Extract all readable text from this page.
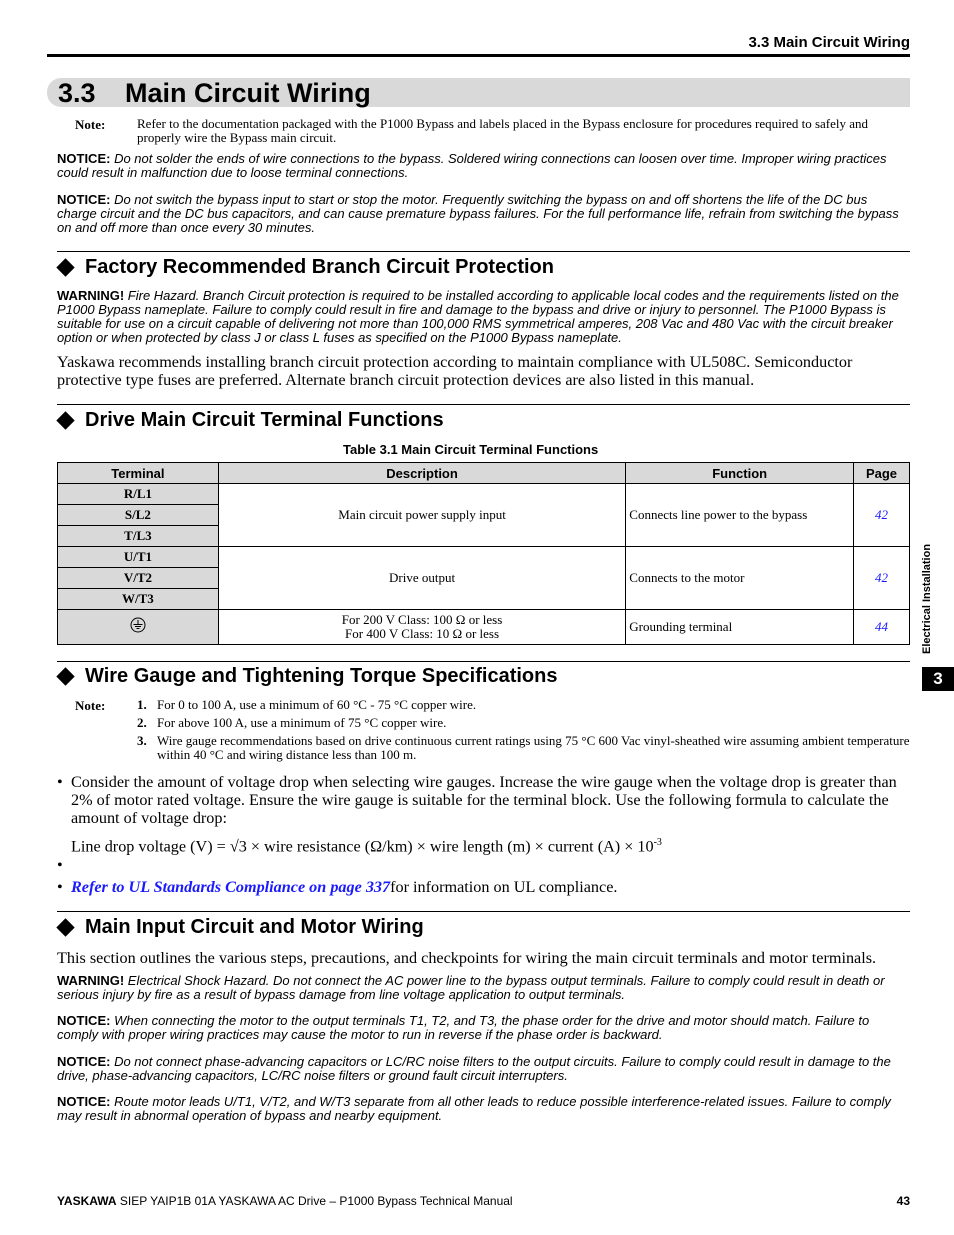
3.3 Main Circuit Wiring
3.3 Main Circuit Wiring
Note: Refer to the documentation packaged with the P1000 Bypass and labels placed in the Bypass enclosure for procedures required to safely and properly wire the Bypass main circuit.
NOTICE: Do not solder the ends of wire connections to the bypass. Soldered wiring connections can loosen over time. Improper wiring practices could result in malfunction due to loose terminal connections.
NOTICE: Do not switch the bypass input to start or stop the motor. Frequently switching the bypass on and off shortens the life of the DC bus charge circuit and the DC bus capacitors, and can cause premature bypass failures. For the full performance life, refrain from switching the bypass on and off more than once every 30 minutes.
Factory Recommended Branch Circuit Protection
WARNING! Fire Hazard. Branch Circuit protection is required to be installed according to applicable local codes and the requirements listed on the P1000 Bypass nameplate. Failure to comply could result in fire and damage to the bypass and drive or injury to personnel. The P1000 Bypass is suitable for use on a circuit capable of delivering not more than 100,000 RMS symmetrical amperes, 208 Vac and 480 Vac with the circuit breaker option or when protected by class J or class L fuses as specified on the P1000 Bypass nameplate.
Yaskawa recommends installing branch circuit protection according to maintain compliance with UL508C. Semiconductor protective type fuses are preferred. Alternate branch circuit protection devices are also listed in this manual.
Drive Main Circuit Terminal Functions
Table 3.1 Main Circuit Terminal Functions
Terminal	Description	Function	Page
R/L1	Main circuit power supply input	Connects line power to the bypass	42
S/L2			
T/L3			
U/T1	Drive output	Connects to the motor	42
V/T2			
W/T3			

For 200 V Class: 100 Ω or less
For 400 V Class: 10 Ω or less	Grounding terminal	44	Electrical Installation
3
Wire Gauge and Tightening Torque Specifications
Note: 1. For 0 to 100 A, use a minimum of 60 °C - 75 °C copper wire.
2. For above 100 A, use a minimum of 75 °C copper wire.
3. Wire gauge recommendations based on drive continuous current ratings using 75 °C 600 Vac vinyl-sheathed wire assuming ambient temperature within 40 °C and wiring distance less than 100 m.
• Consider the amount of voltage drop when selecting wire gauges. Increase the wire gauge when the voltage drop is greater than 2% of motor rated voltage. Ensure the wire gauge is suitable for the terminal block. Use the following formula to calculate the amount of voltage drop:
Line drop voltage (V) = √3 × wire resistance (Ω/km) × wire length (m) × current $(A) \times 10^{-3}$
•
• Refer to UL Standards Compliance on page 337 for information on UL compliance.
Main Input Circuit and Motor Wiring
This section outlines the various steps, precautions, and checkpoints for wiring the main circuit terminals and motor terminals.
WARNING! Electrical Shock Hazard. Do not connect the AC power line to the bypass output terminals. Failure to comply could result in death or serious injury by fire as a result of bypass damage from line voltage application to output terminals.
NOTICE: When connecting the motor to the output terminals T1, T2, and T3, the phase order for the drive and motor should match. Failure to comply with proper wiring practices may cause the motor to run in reverse if the phase order is backward.
NOTICE: Do not connect phase-advancing capacitors or LC/RC noise filters to the output circuits. Failure to comply could result in damage to the drive, phase-advancing capacitors, LC/RC noise filters or ground fault circuit interrupters.
NOTICE: Route motor leads U/T1, V/T2, and W/T3 separate from all other leads to reduce possible interference-related issues. Failure to comply may result in abnormal operation of bypass and nearby equipment.
YASKAWA SIEP YAIP1B 01A YASKAWA AC Drive – P1000 Bypass Technical Manual	43
